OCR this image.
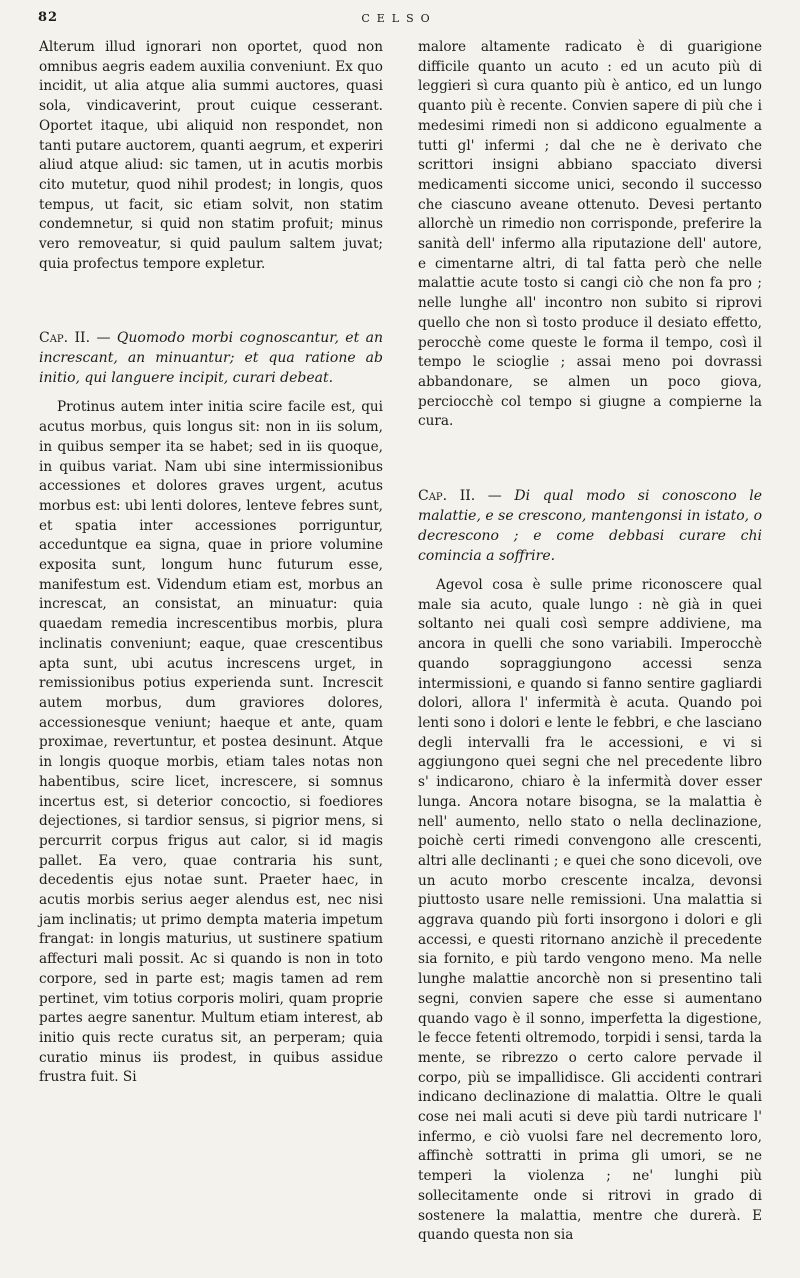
82	CELSO

Alterum illud ignorari non oportet, quod non omnibus aegris eadem auxilia conveniunt. Ex quo incidit, ut alia atque alia summi auctores, quasi sola, vindicaverint, prout cuique cesserant. Oportet itaque, ubi aliquid non respondet, non tanti putare auctorem, quanti aegrum, et experiri aliud atque aliud: sic tamen, ut in acutis morbis cito mutetur, quod nihil prodest; in longis, quos tempus, ut facit, sic etiam solvit, non statim condemnetur, si quid non statim profuit; minus vero removeatur, si quid paulum saltem juvat; quia profectus tempore expletur.

Cap. II. — Quomodo morbi cognoscantur, et an increscant, an minuantur; et qua ratione ab initio, qui languere incipit, curari debeat.

Protinus autem inter initia scire facile est, qui acutus morbus, quis longus sit: non in iis solum, in quibus semper ita se habet; sed in iis quoque, in quibus variat. Nam ubi sine intermissionibus accessiones et dolores graves urgent, acutus morbus est: ubi lenti dolores, lenteve febres sunt, et spatia inter accessiones porriguntur, acceduntque ea signa, quae in priore volumine exposita sunt, longum hunc futurum esse, manifestum est. Videndum etiam est, morbus an increscat, an consistat, an minuatur: quia quaedam remedia increscentibus morbis, plura inclinatis conveniunt; eaque, quae crescentibus apta sunt, ubi acutus increscens urget, in remissionibus potius experienda sunt. Increscit autem morbus, dum graviores dolores, accessionesque veniunt; haeque et ante, quam proximae, revertuntur, et postea desinunt. Atque in longis quoque morbis, etiam tales notas non habentibus, scire licet, increscere, si somnus incertus est, si deterior concoctio, si foediores dejectiones, si tardior sensus, si pigrior mens, si percurrit corpus frigus aut calor, si id magis pallet. Ea vero, quae contraria his sunt, decedentis ejus notae sunt. Praeter haec, in acutis morbis serius aeger alendus est, nec nisi jam inclinatis; ut primo dempta materia impetum frangat: in longis maturius, ut sustinere spatium affecturi mali possit. Ac si quando is non in toto corpore, sed in parte est; magis tamen ad rem pertinet, vim totius corporis moliri, quam proprie partes aegre sanentur. Multum etiam interest, ab initio quis recte curatus sit, an perperam; quia curatio minus iis prodest, in quibus assidue frustra fuit. Si

malore altamente radicato è di guarigione difficile quanto un acuto : ed un acuto più di leggieri sì cura quanto più è antico, ed un lungo quanto più è recente. Convien sapere di più che i medesimi rimedi non si addicono egualmente a tutti gl' infermi ; dal che ne è derivato che scrittori insigni abbiano spacciato diversi medicamenti siccome unici, secondo il successo che ciascuno aveane ottenuto. Devesi pertanto allorchè un rimedio non corrisponde, preferire la sanità dell' infermo alla riputazione dell' autore, e cimentarne altri, di tal fatta però che nelle malattie acute tosto si cangi ciò che non fa pro ; nelle lunghe all' incontro non subito si riprovi quello che non sì tosto produce il desiato effetto, perocchè come queste le forma il tempo, così il tempo le scioglie ; assai meno poi dovrassi abbandonare, se almen un poco giova, perciocchè col tempo si giugne a compierne la cura.

Cap. II. — Di qual modo si conoscono le malattie, e se crescono, mantengonsi in istato, o decrescono ; e come debbasi curare chi comincia a soffrire.

Agevol cosa è sulle prime riconoscere qual male sia acuto, quale lungo : nè già in quei soltanto nei quali così sempre addiviene, ma ancora in quelli che sono variabili. Imperocchè quando sopraggiungono accessi senza intermissioni, e quando si fanno sentire gagliardi dolori, allora l' infermità è acuta. Quando poi lenti sono i dolori e lente le febbri, e che lasciano degli intervalli fra le accessioni, e vi si aggiungono quei segni che nel precedente libro s' indicarono, chiaro è la infermità dover esser lunga. Ancora notare bisogna, se la malattia è nell' aumento, nello stato o nella declinazione, poichè certi rimedi convengono alle crescenti, altri alle declinanti ; e quei che sono dicevoli, ove un acuto morbo crescente incalza, devonsi piuttosto usare nelle remissioni. Una malattia si aggrava quando più forti insorgono i dolori e gli accessi, e questi ritornano anzichè il precedente sia fornito, e più tardo vengono meno. Ma nelle lunghe malattie ancorchè non si presentino tali segni, convien sapere che esse si aumentano quando vago è il sonno, imperfetta la digestione, le fecce fetenti oltremodo, torpidi i sensi, tarda la mente, se ribrezzo o certo calore pervade il corpo, più se impallidisce. Gli accidenti contrari indicano declinazione di malattia. Oltre le quali cose nei mali acuti si deve più tardi nutricare l' infermo, e ciò vuolsi fare nel decremento loro, affinchè sottratti in prima gli umori, se ne temperi la violenza ; ne' lunghi più sollecitamente onde si ritrovi in grado di sostenere la malattia, mentre che durerà. E quando questa non sia
